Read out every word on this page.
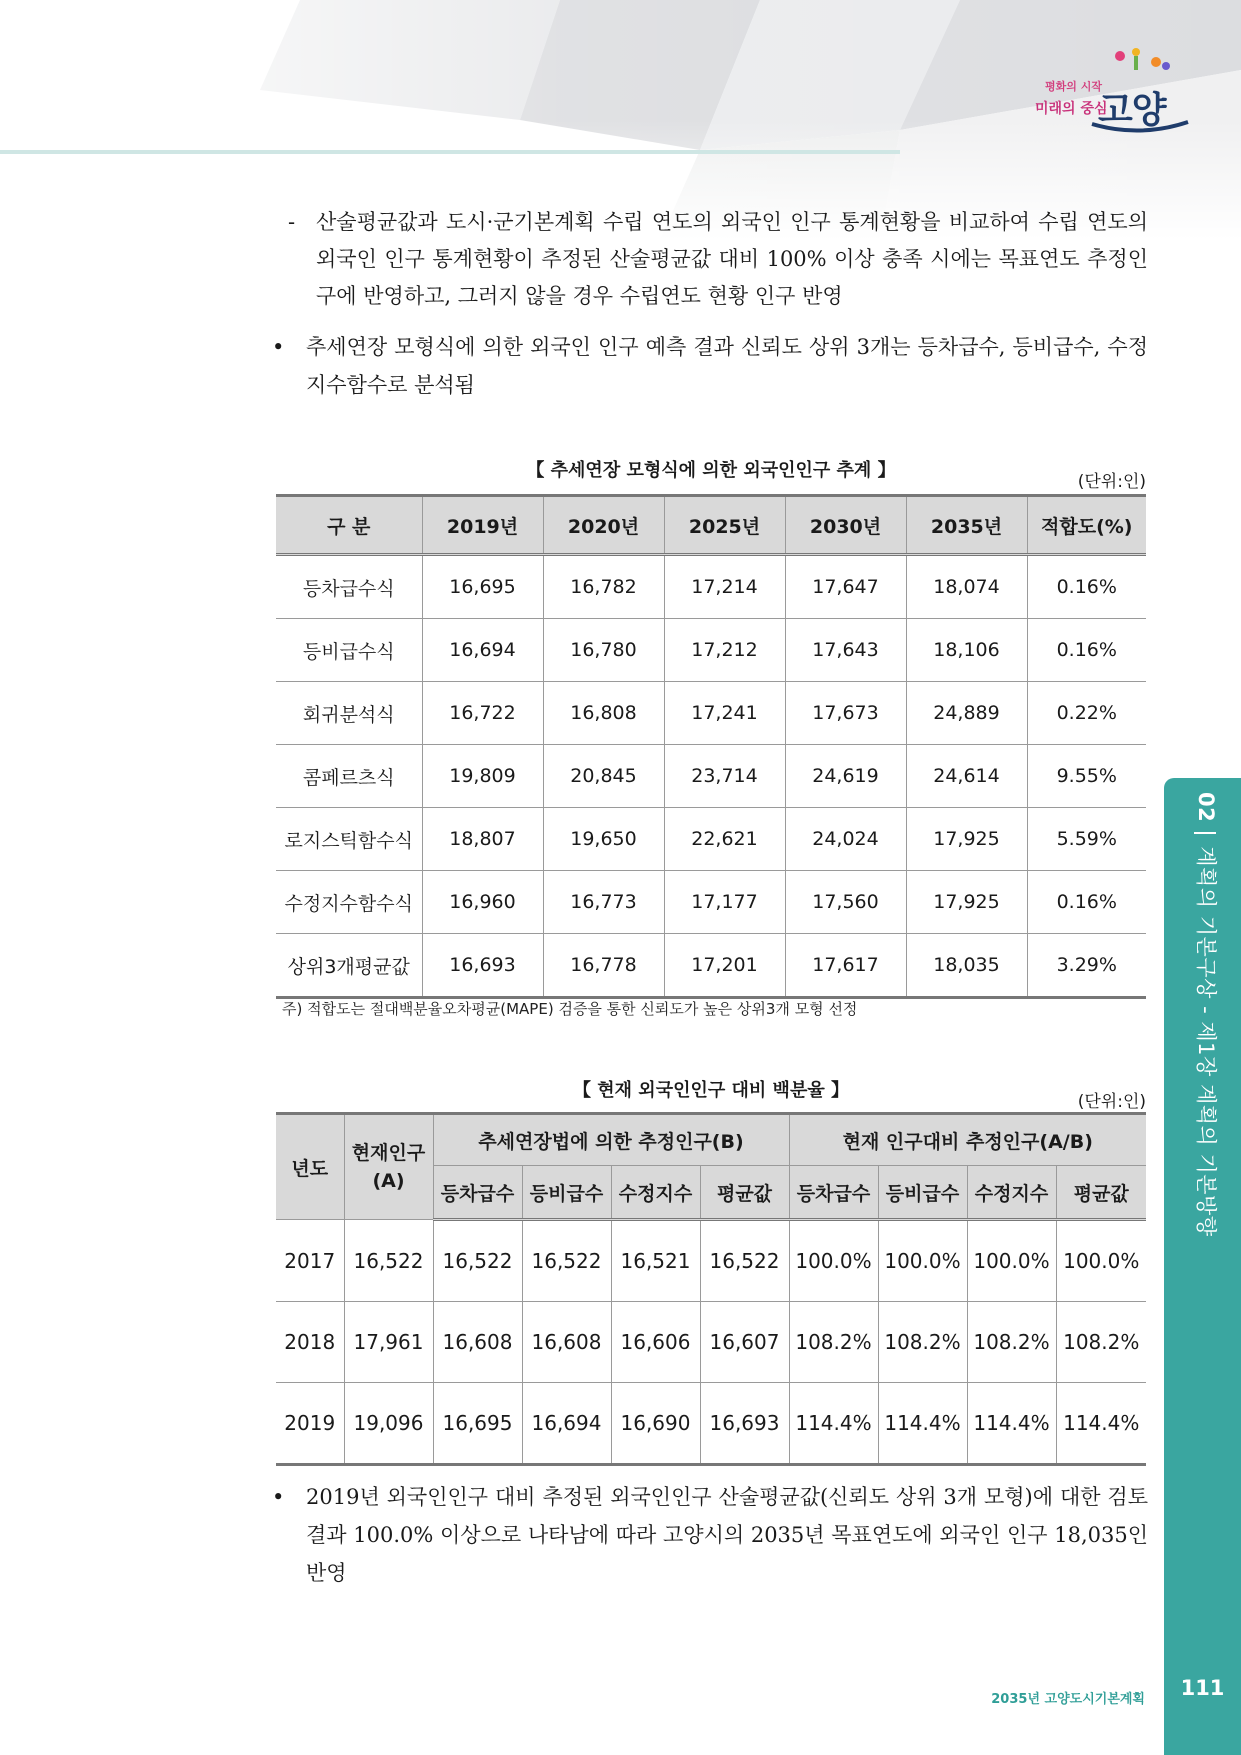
평화의 시작
미래의 중심
고양
- 산술평균값과 도시·군기본계획 수립 연도의 외국인 인구 통계현황을 비교하여 수립 연도의 외국인 인구 통계현황이 추정된 산술평균값 대비 100% 이상 충족 시에는 목표연도 추정인구에 반영하고, 그러지 않을 경우 수립연도 현황 인구 반영
• 추세연장 모형식에 의한 외국인 인구 예측 결과 신뢰도 상위 3개는 등차급수, 등비급수, 수정지수함수로 분석됨
【 추세연장 모형식에 의한 외국인인구 추계 】
(단위:인)
구 분	2019년	2020년	2025년	2030년	2035년	적합도(%)
등차급수식	16,695	16,782	17,214	17,647	18,074	0.16%
등비급수식	16,694	16,780	17,212	17,643	18,106	0.16%
회귀분석식	16,722	16,808	17,241	17,673	24,889	0.22%
콤페르츠식	19,809	20,845	23,714	24,619	24,614	9.55%
로지스틱함수식	18,807	19,650	22,621	24,024	17,925	5.59%
수정지수함수식	16,960	16,773	17,177	17,560	17,925	0.16%
상위3개평균값	16,693	16,778	17,201	17,617	18,035	3.29%
주) 적합도는 절대백분율오차평균(MAPE) 검증을 통한 신뢰도가 높은 상위3개 모형 선정
【 현재 외국인인구 대비 백분율 】
(단위:인)
년도	현재인구 (A)	추세연장법에 의한 추정인구(B)				현재 인구대비 추정인구(A/B)			
		등차급수	등비급수	수정지수	평균값	등차급수	등비급수	수정지수	평균값
2017	16,522	16,522	16,522	16,521	16,522	100.0%	100.0%	100.0%	100.0%
2018	17,961	16,608	16,608	16,606	16,607	108.2%	108.2%	108.2%	108.2%
2019	19,096	16,695	16,694	16,690	16,693	114.4%	114.4%	114.4%	114.4%
• 2019년 외국인인구 대비 추정된 외국인인구 산술평균값(신뢰도 상위 3개 모형)에 대한 검토결과 100.0% 이상으로 나타남에 따라 고양시의 2035년 목표연도에 외국인 인구 18,035인 반영
2035년 고양도시기본계획
02계획의 기본구상 - 제1장 계획의 기본방향
111
